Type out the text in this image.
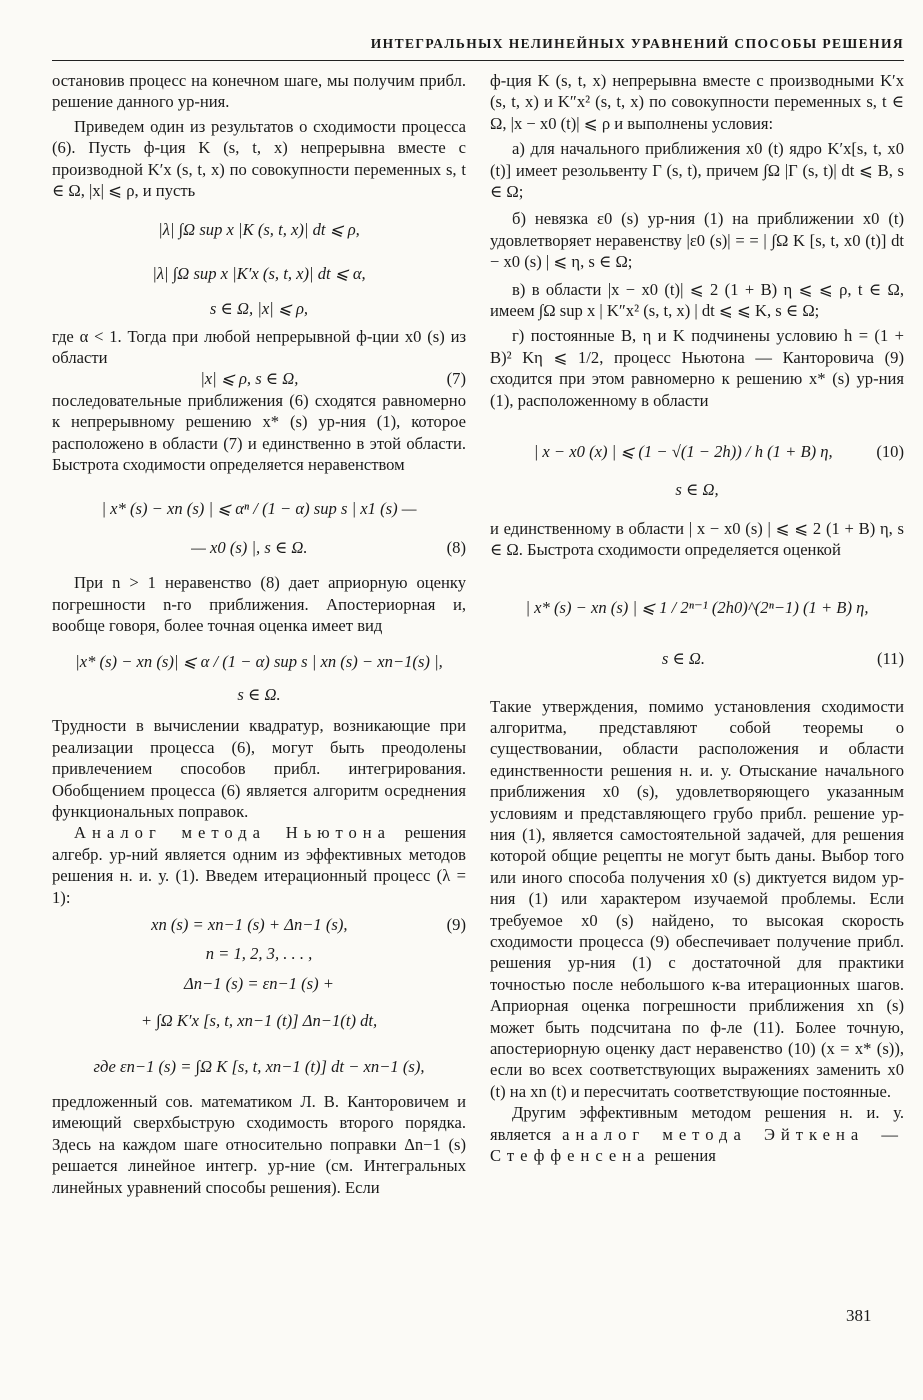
ИНТЕГРАЛЬНЫХ НЕЛИНЕЙНЫХ УРАВНЕНИЙ СПОСОБЫ РЕШЕНИЯ

остановив процесс на конечном шаге, мы получим прибл. решение данного ур-ния.

Приведем один из результатов о сходимости процесса (6). Пусть ф-ция K (s, t, x) непрерывна вместе с производной K′x (s, t, x) по совокупности переменных s, t ∈ Ω, |x| ⩽ ρ, и пусть

|λ| ∫Ω sup x |K (s, t, x)| dt ⩽ ρ,
|λ| ∫Ω sup x |K′x (s, t, x)| dt ⩽ α,
s ∈ Ω, |x| ⩽ ρ,

где α < 1. Тогда при любой непрерывной ф-ции x0 (s) из области

|x| ⩽ ρ, s ∈ Ω,	(7)

последовательные приближения (6) сходятся равномерно к непрерывному решению x* (s) ур-ния (1), которое расположено в области (7) и единственно в этой области. Быстрота сходимости определяется неравенством

| x* (s) − xn (s) | ⩽ αⁿ / (1 − α) sup s | x1 (s) —
— x0 (s) |, s ∈ Ω.	(8)

При n > 1 неравенство (8) дает априорную оценку погрешности n-го приближения. Апостериорная и, вообще говоря, более точная оценка имеет вид

|x* (s) − xn (s)| ⩽ α / (1 − α) sup s | xn (s) − xn−1(s) |,
s ∈ Ω.

Трудности в вычислении квадратур, возникающие при реализации процесса (6), могут быть преодолены привлечением способов прибл. интегрирования. Обобщением процесса (6) является алгоритм осреднения функциональных поправок.

Аналог метода Ньютона решения алгебр. ур-ний является одним из эффективных методов решения н. и. у. (1). Введем итерационный процесс (λ = 1):

xn (s) = xn−1 (s) + Δn−1 (s),	(9)
n = 1, 2, 3, . . . ,
Δn−1 (s) = εn−1 (s) +
+ ∫Ω K′x [s, t, xn−1 (t)] Δn−1(t) dt,
где εn−1 (s) = ∫Ω K [s, t, xn−1 (t)] dt − xn−1 (s),

предложенный сов. математиком Л. В. Канторовичем и имеющий сверхбыструю сходимость второго порядка. Здесь на каждом шаге относительно поправки Δn−1 (s) решается линейное интегр. ур-ние (см. Интегральных линейных уравнений способы решения). Если

ф-ция K (s, t, x) непрерывна вместе с производными K′x (s, t, x) и K″x² (s, t, x) по совокупности переменных s, t ∈ Ω, |x − x0 (t)| ⩽ ρ и выполнены условия:

а) для начального приближения x0 (t) ядро K′x[s, t, x0 (t)] имеет резольвенту Γ (s, t), причем ∫Ω |Γ (s, t)| dt ⩽ B, s ∈ Ω;

б) невязка ε0 (s) ур-ния (1) на приближении x0 (t) удовлетворяет неравенству |ε0 (s)| = = | ∫Ω K [s, t, x0 (t)] dt − x0 (s) | ⩽ η, s ∈ Ω;

в) в области |x − x0 (t)| ⩽ 2 (1 + B) η ⩽ ⩽ ρ, t ∈ Ω, имеем ∫Ω sup x | K″x² (s, t, x) | dt ⩽ ⩽ K, s ∈ Ω;

г) постоянные B, η и K подчинены условию h = (1 + B)² Kη ⩽ 1/2, процесс Ньютона — Канторовича (9) сходится при этом равномерно к решению x* (s) ур-ния (1), расположенному в области

| x − x0 (x) | ⩽ (1 − √(1 − 2h)) / h (1 + B) η,	(10)
s ∈ Ω,

и единственному в области | x − x0 (s) | ⩽ ⩽ 2 (1 + B) η, s ∈ Ω. Быстрота сходимости определяется оценкой

| x* (s) − xn (s) | ⩽ 1 / 2ⁿ⁻¹ (2h0)^(2ⁿ−1) (1 + B) η,
s ∈ Ω.	(11)

Такие утверждения, помимо установления сходимости алгоритма, представляют собой теоремы о существовании, области расположения и области единственности решения н. и. у. Отыскание начального приближения x0 (s), удовлетворяющего указанным условиям и представляющего грубо прибл. решение ур-ния (1), является самостоятельной задачей, для решения которой общие рецепты не могут быть даны. Выбор того или иного способа получения x0 (s) диктуется видом ур-ния (1) или характером изучаемой проблемы. Если требуемое x0 (s) найдено, то высокая скорость сходимости процесса (9) обеспечивает получение прибл. решения ур-ния (1) с достаточной для практики точностью после небольшого к-ва итерационных шагов. Априорная оценка погрешности приближения xn (s) может быть подсчитана по ф-ле (11). Более точную, апостериорную оценку даст неравенство (10) (x = x* (s)), если во всех соответствующих выражениях заменить x0 (t) на xn (t) и пересчитать соответствующие постоянные.

Другим эффективным методом решения н. и. у. является аналог метода Эйткена — Стеффенсена решения

381
